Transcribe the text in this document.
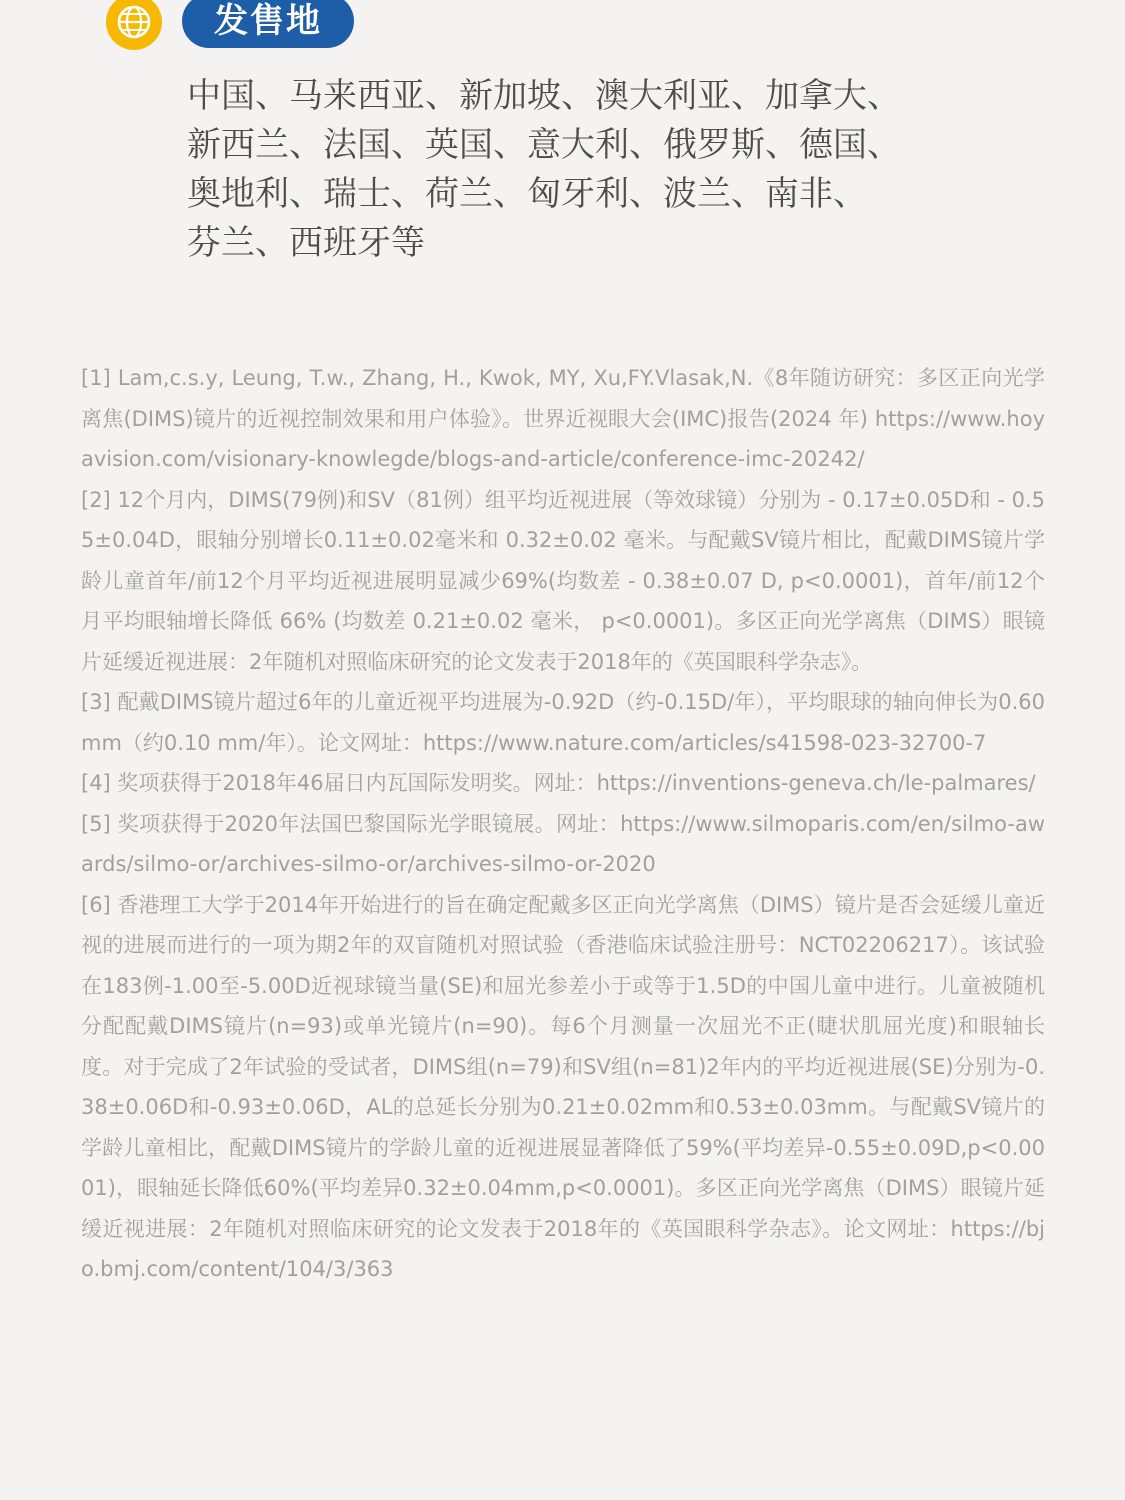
发售地
中国、马来西亚、新加坡、澳大利亚、加拿大、
新西兰、法国、英国、意大利、俄罗斯、德国、
奥地利、瑞士、荷兰、匈牙利、波兰、南非、
芬兰、西班牙等

[1] Lam,c.s.y, Leung, T.w., Zhang, H., Kwok, MY, Xu,FY.Vlasak,N.《8年随访研究：多区正向光学离焦(DIMS)镜片的近视控制效果和用户体验》。世界近视眼大会(IMC)报告(2024 年) https://www.hoyavision.com/visionary-knowlegde/blogs-and-article/conference-imc-20242/

[2] 12个月内，DIMS(79例)和SV（81例）组平均近视进展（等效球镜）分别为 - 0.17±0.05D和 - 0.55±0.04D，眼轴分别增长0.11±0.02毫米和 0.32±0.02 毫米。与配戴SV镜片相比，配戴DIMS镜片学龄儿童首年/前12个月平均近视进展明显减少69%(均数差 - 0.38±0.07 D, p<0.0001)，首年/前12个月平均眼轴增长降低 66% (均数差 0.21±0.02 毫米， p<0.0001)。多区正向光学离焦（DIMS）眼镜片延缓近视进展：2年随机对照临床研究的论文发表于2018年的《英国眼科学杂志》。

[3] 配戴DIMS镜片超过6年的儿童近视平均进展为-0.92D（约-0.15D/年），平均眼球的轴向伸长为0.60 mm（约0.10 mm/年）。论文网址：https://www.nature.com/articles/s41598-023-32700-7

[4] 奖项获得于2018年46届日内瓦国际发明奖。网址：https://inventions-geneva.ch/le-palmares/

[5] 奖项获得于2020年法国巴黎国际光学眼镜展。网址：https://www.silmoparis.com/en/silmo-awards/silmo-or/archives-silmo-or/archives-silmo-or-2020

[6] 香港理工大学于2014年开始进行的旨在确定配戴多区正向光学离焦（DIMS）镜片是否会延缓儿童近视的进展而进行的一项为期2年的双盲随机对照试验（香港临床试验注册号：NCT02206217）。该试验在183例-1.00至-5.00D近视球镜当量(SE)和屈光参差小于或等于1.5D的中国儿童中进行。儿童被随机分配配戴DIMS镜片(n=93)或单光镜片(n=90)。每6个月测量一次屈光不正(睫状肌屈光度)和眼轴长度。对于完成了2年试验的受试者，DIMS组(n=79)和SV组(n=81)2年内的平均近视进展(SE)分别为-0.38±0.06D和-0.93±0.06D，AL的总延长分别为0.21±0.02mm和0.53±0.03mm。与配戴SV镜片的学龄儿童相比，配戴DIMS镜片的学龄儿童的近视进展显著降低了59%(平均差异-0.55±0.09D,p<0.0001)，眼轴延长降低60%(平均差异0.32±0.04mm,p<0.0001)。多区正向光学离焦（DIMS）眼镜片延缓近视进展：2年随机对照临床研究的论文发表于2018年的《英国眼科学杂志》。论文网址：https://bjo.bmj.com/content/104/3/363
